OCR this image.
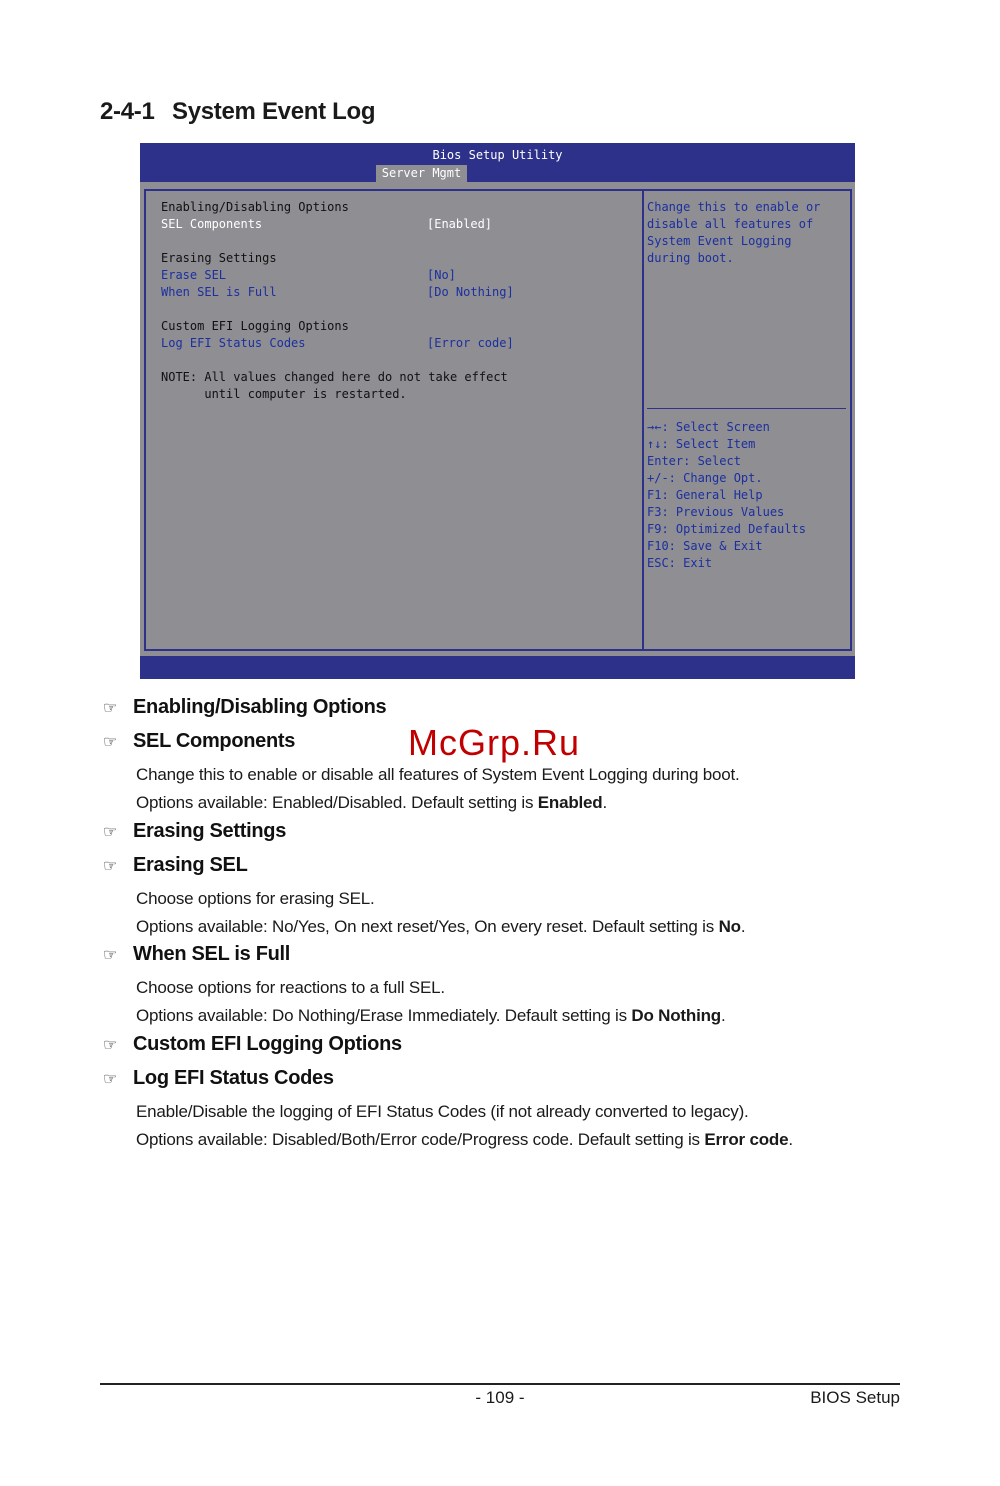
2-4-1 System Event Log
Bios Setup Utility
Server Mgmt
Enabling/Disabling Options
SEL Components	[Enabled]
Erasing Settings
Erase SEL	[No]
When SEL is Full	[Do Nothing]
Custom EFI Logging Options
Log EFI Status Codes	[Error code]
NOTE: All values changed here do not take effect
until computer is restarted.
Change this to enable or
disable all features of
System Event Logging
during boot.
→←: Select Screen
↑↓: Select Item
Enter: Select
+/-: Change Opt.
F1: General Help
F3: Previous Values
F9: Optimized Defaults
F10: Save & Exit
ESC: Exit
McGrp.Ru
☞ Enabling/Disabling Options
☞ SEL Components
Change this to enable or disable all features of System Event Logging during boot.
Options available: Enabled/Disabled. Default setting is Enabled.
☞ Erasing Settings
☞ Erasing SEL
Choose options for erasing SEL.
Options available: No/Yes, On next reset/Yes, On every reset. Default setting is No.
☞ When SEL is Full
Choose options for reactions to a full SEL.
Options available: Do Nothing/Erase Immediately. Default setting is Do Nothing.
☞ Custom EFI Logging Options
☞ Log EFI Status Codes
Enable/Disable the logging of EFI Status Codes (if not already converted to legacy).
Options available: Disabled/Both/Error code/Progress code. Default setting is Error code.
- 109 -	BIOS Setup
